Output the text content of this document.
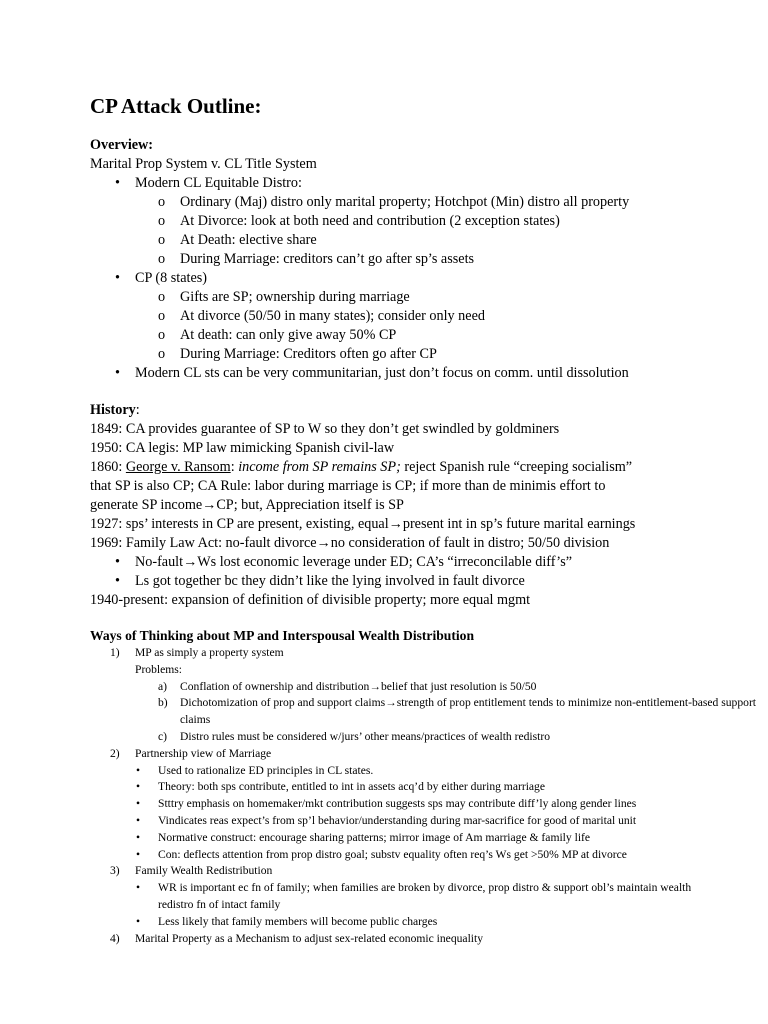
CP Attack Outline:
Overview:
Marital Prop System v. CL Title System
• Modern CL Equitable Distro:
o Ordinary (Maj) distro only marital property; Hotchpot (Min) distro all property
o At Divorce: look at both need and contribution (2 exception states)
o At Death: elective share
o During Marriage: creditors can’t go after sp’s assets
• CP (8 states)
o Gifts are SP; ownership during marriage
o At divorce (50/50 in many states); consider only need
o At death: can only give away 50% CP
o During Marriage: Creditors often go after CP
• Modern CL sts can be very communitarian, just don’t focus on comm. until dissolution
History:
1849: CA provides guarantee of SP to W so they don’t get swindled by goldminers
1950: CA legis: MP law mimicking Spanish civil-law
1860: George v. Ransom: income from SP remains SP; reject Spanish rule “creeping socialism”
that SP is also CP; CA Rule: labor during marriage is CP; if more than de minimis effort to
generate SP income→CP; but, Appreciation itself is SP
1927: sps’ interests in CP are present, existing, equal→present int in sp’s future marital earnings
1969: Family Law Act: no-fault divorce→no consideration of fault in distro; 50/50 division
• No-fault→Ws lost economic leverage under ED; CA’s “irreconcilable diff’s”
• Ls got together bc they didn’t like the lying involved in fault divorce
1940-present: expansion of definition of divisible property; more equal mgmt
Ways of Thinking about MP and Interspousal Wealth Distribution
1) MP as simply a property system
Problems:
a) Conflation of ownership and distribution→belief that just resolution is 50/50
b) Dichotomization of prop and support claims→strength of prop entitlement tends to minimize non-entitlement-based support claims
c) Distro rules must be considered w/jurs’ other means/practices of wealth redistro
2) Partnership view of Marriage
• Used to rationalize ED principles in CL states.
• Theory: both sps contribute, entitled to int in assets acq’d by either during marriage
• Stttry emphasis on homemaker/mkt contribution suggests sps may contribute diff’ly along gender lines
• Vindicates reas expect’s from sp’l behavior/understanding during mar-sacrifice for good of marital unit
• Normative construct: encourage sharing patterns; mirror image of Am marriage & family life
• Con: deflects attention from prop distro goal; substv equality often req’s Ws get >50% MP at divorce
3) Family Wealth Redistribution
• WR is important ec fn of family; when families are broken by divorce, prop distro & support obl’s maintain wealth redistro fn of intact family
• Less likely that family members will become public charges
4) Marital Property as a Mechanism to adjust sex-related economic inequality
